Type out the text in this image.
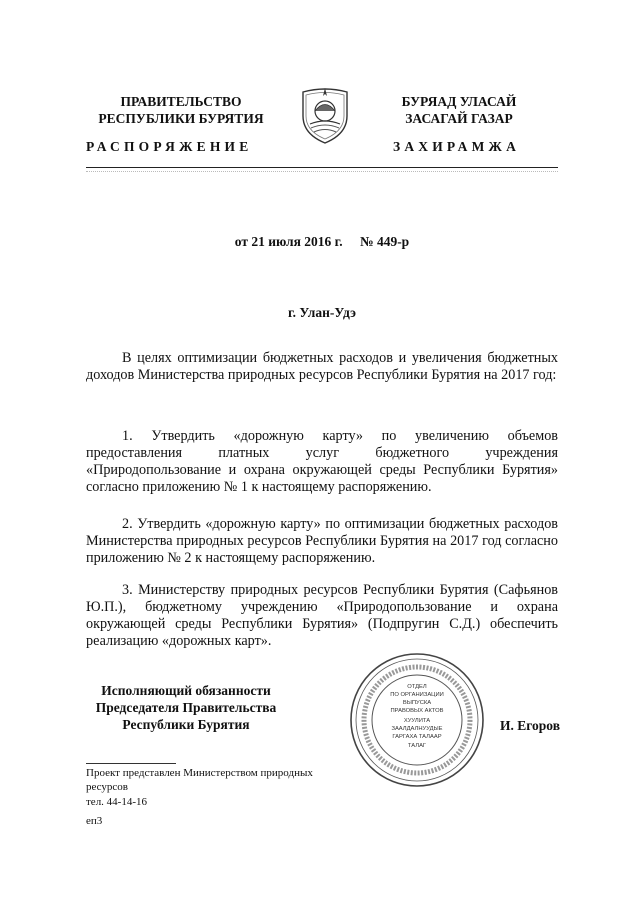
ПРАВИТЕЛЬСТВО
РЕСПУБЛИКИ БУРЯТИЯ
БУРЯАД УЛАСАЙ
ЗАСАГАЙ ГАЗАР
РАСПОРЯЖЕНИЕ	ЗАХИРАМЖА
от 21 июля 2016 г. № 449-р
г. Улан-Удэ

В целях оптимизации бюджетных расходов и увеличения бюджетных доходов Министерства природных ресурсов Республики Бурятия на 2017 год:

1. Утвердить «дорожную карту» по увеличению объемов предоставления платных услуг бюджетного учреждения «Природопользование и охрана окружающей среды Республики Бурятия» согласно приложению № 1 к настоящему распоряжению.

2. Утвердить «дорожную карту» по оптимизации бюджетных расходов Министерства природных ресурсов Республики Бурятия на 2017 год согласно приложению № 2 к настоящему распоряжению.

3. Министерству природных ресурсов Республики Бурятия (Сафьянов Ю.П.), бюджетному учреждению «Природопользование и охрана окружающей среды Республики Бурятия» (Подпругин С.Д.) обеспечить реализацию «дорожных карт».

Исполняющий обязанности
Председателя Правительства
Республики Бурятия
ОТДЕЛ
ПО ОРГАНИЗАЦИИ
ВЫПУСКА
ПРАВОВЫХ АКТОВ
ХУУЛИТА
ЗААЛДАЛНУУДЫЕ
ГАРГАХА ТАЛААР
ТАЛАГ
И. Егоров
Проект представлен Министерством природных
ресурсов
тел. 44-14-16
еп3
